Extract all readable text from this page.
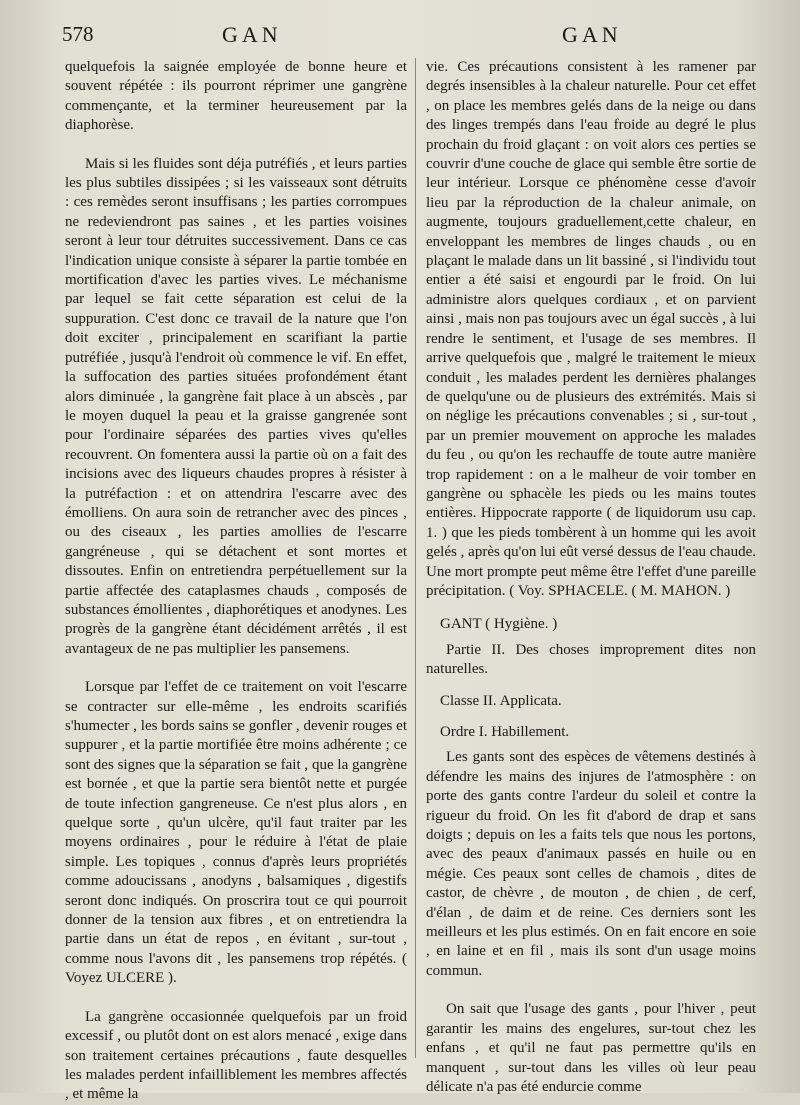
578	GAN	GAN

quelquefois la saignée employée de bonne heure et souvent répétée : ils pourront réprimer une gangrène commençante, et la terminer heureusement par la diaphorèse.

Mais si les fluides sont déja putréfiés , et leurs parties les plus subtiles dissipées ; si les vaisseaux sont détruits : ces remèdes seront insuffisans ; les parties corrompues ne redeviendront pas saines , et les parties voisines seront à leur tour détruites successivement. Dans ce cas l'indication unique consiste à séparer la partie tombée en mortification d'avec les parties vives. Le méchanisme par lequel se fait cette séparation est celui de la suppuration. C'est donc ce travail de la nature que l'on doit exciter , principalement en scarifiant la partie putréfiée , jusqu'à l'endroit où commence le vif. En effet, la suffocation des parties situées profondément étant alors diminuée , la gangrène fait place à un abscès , par le moyen duquel la peau et la graisse gangrenée sont pour l'ordinaire séparées des parties vives qu'elles recouvrent. On fomentera aussi la partie où on a fait des incisions avec des liqueurs chaudes propres à résister à la putréfaction : et on attendrira l'escarre avec des émolliens. On aura soin de retrancher avec des pinces , ou des ciseaux , les parties amollies de l'escarre gangréneuse , qui se détachent et sont mortes et dissoutes. Enfin on entretiendra perpétuellement sur la partie affectée des cataplasmes chauds , composés de substances émollientes , diaphorétiques et anodynes. Les progrès de la gangrène étant décidément arrêtés , il est avantageux de ne pas multiplier les pansemens.

Lorsque par l'effet de ce traitement on voit l'escarre se contracter sur elle-même , les endroits scarifiés s'humecter , les bords sains se gonfler , devenir rouges et suppurer , et la partie mortifiée être moins adhérente ; ce sont des signes que la séparation se fait , que la gangrène est bornée , et que la partie sera bientôt nette et purgée de toute infection gangreneuse. Ce n'est plus alors , en quelque sorte , qu'un ulcère, qu'il faut traiter par les moyens ordinaires , pour le réduire à l'état de plaie simple. Les topiques , connus d'après leurs propriétés comme adoucissans , anodyns , balsamiques , digestifs seront donc indiqués. On proscrira tout ce qui pourroit donner de la tension aux fibres , et on entretiendra la partie dans un état de repos , en évitant , sur-tout , comme nous l'avons dit , les pansemens trop répétés. ( Voyez ULCERE ).

La gangrène occasionnée quelquefois par un froid excessif , ou plutôt dont on est alors menacé , exige dans son traitement certaines précautions , faute desquelles les malades perdent infailliblement les membres affectés , et même la

vie. Ces précautions consistent à les ramener par degrés insensibles à la chaleur naturelle. Pour cet effet , on place les membres gelés dans de la neige ou dans des linges trempés dans l'eau froide au degré le plus prochain du froid glaçant : on voit alors ces perties se couvrir d'une couche de glace qui semble être sortie de leur intérieur. Lorsque ce phénomène cesse d'avoir lieu par la réproduction de la chaleur animale, on augmente, toujours graduellement,cette chaleur, en enveloppant les membres de linges chauds , ou en plaçant le malade dans un lit bassiné , si l'individu tout entier a été saisi et engourdi par le froid. On lui administre alors quelques cordiaux , et on parvient ainsi , mais non pas toujours avec un égal succès , à lui rendre le sentiment, et l'usage de ses membres. Il arrive quelquefois que , malgré le traitement le mieux conduit , les malades perdent les dernières phalanges de quelqu'une ou de plusieurs des extrémités. Mais si on néglige les précautions convenables ; si , sur-tout , par un premier mouvement on approche les malades du feu , ou qu'on les rechauffe de toute autre manière trop rapidement : on a le malheur de voir tomber en gangrène ou sphacèle les pieds ou les mains toutes entières. Hippocrate rapporte ( de liquidorum usu cap. 1. ) que les pieds tombèrent à un homme qui les avoit gelés , après qu'on lui eût versé dessus de l'eau chaude. Une mort prompte peut même être l'effet d'une pareille précipitation. ( Voy. SPHACELE. ( M. MAHON. )

GANT ( Hygiène. )

Partie II. Des choses improprement dites non naturelles.

Classe II. Applicata.

Ordre I. Habillement.

Les gants sont des espèces de vêtemens destinés à défendre les mains des injures de l'atmosphère : on porte des gants contre l'ardeur du soleil et contre la rigueur du froid. On les fit d'abord de drap et sans doigts ; depuis on les a faits tels que nous les portons, avec des peaux d'animaux passés en huile ou en mégie. Ces peaux sont celles de chamois , dites de castor, de chèvre , de mouton , de chien , de cerf, d'élan , de daim et de reine. Ces derniers sont les meilleurs et les plus estimés. On en fait encore en soie , en laine et en fil , mais ils sont d'un usage moins commun.

On sait que l'usage des gants , pour l'hiver , peut garantir les mains des engelures, sur-tout chez les enfans , et qu'il ne faut pas permettre qu'ils en manquent , sur-tout dans les villes où leur peau délicate n'a pas été endurcie comme
